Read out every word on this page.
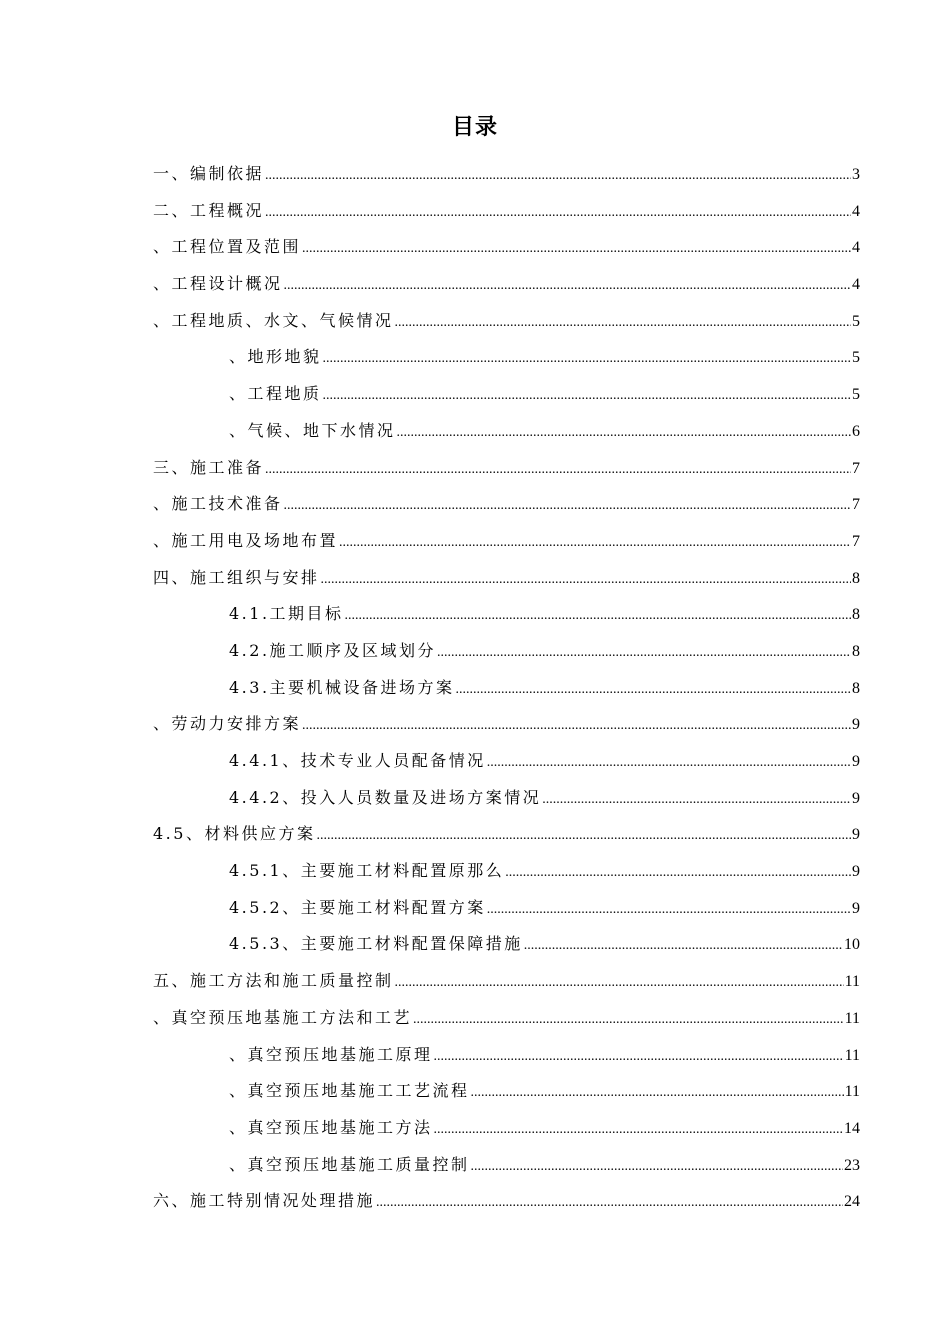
目录
一、编制依据 .....	3
二、工程概况 .....	4
、工程位置及范围 .....	4
、工程设计概况 .....	4
、工程地质、水文、气候情况 .....	5
、地形地貌 .....	5
、工程地质 .....	5
、气候、地下水情况 .....	6
三、施工准备 .....	7
、施工技术准备 .....	7
、施工用电及场地布置 .....	7
四、施工组织与安排 .....	8
4.1.工期目标 .....	8
4.2.施工顺序及区域划分 .....	8
4.3.主要机械设备进场方案 .....	8
、劳动力安排方案 .....	9
4.4.1、技术专业人员配备情况 .....	9
4.4.2、投入人员数量及进场方案情况 .....	9
4.5、材料供应方案 .....	9
4.5.1、主要施工材料配置原那么 .....	9
4.5.2、主要施工材料配置方案 .....	9
4.5.3、主要施工材料配置保障措施 .....	10
五、施工方法和施工质量控制 .....	11
、真空预压地基施工方法和工艺 .....	11
、真空预压地基施工原理 .....	11
、真空预压地基施工工艺流程 .....	11
、真空预压地基施工方法 .....	14
、真空预压地基施工质量控制 .....	23
六、施工特别情况处理措施 .....	24
